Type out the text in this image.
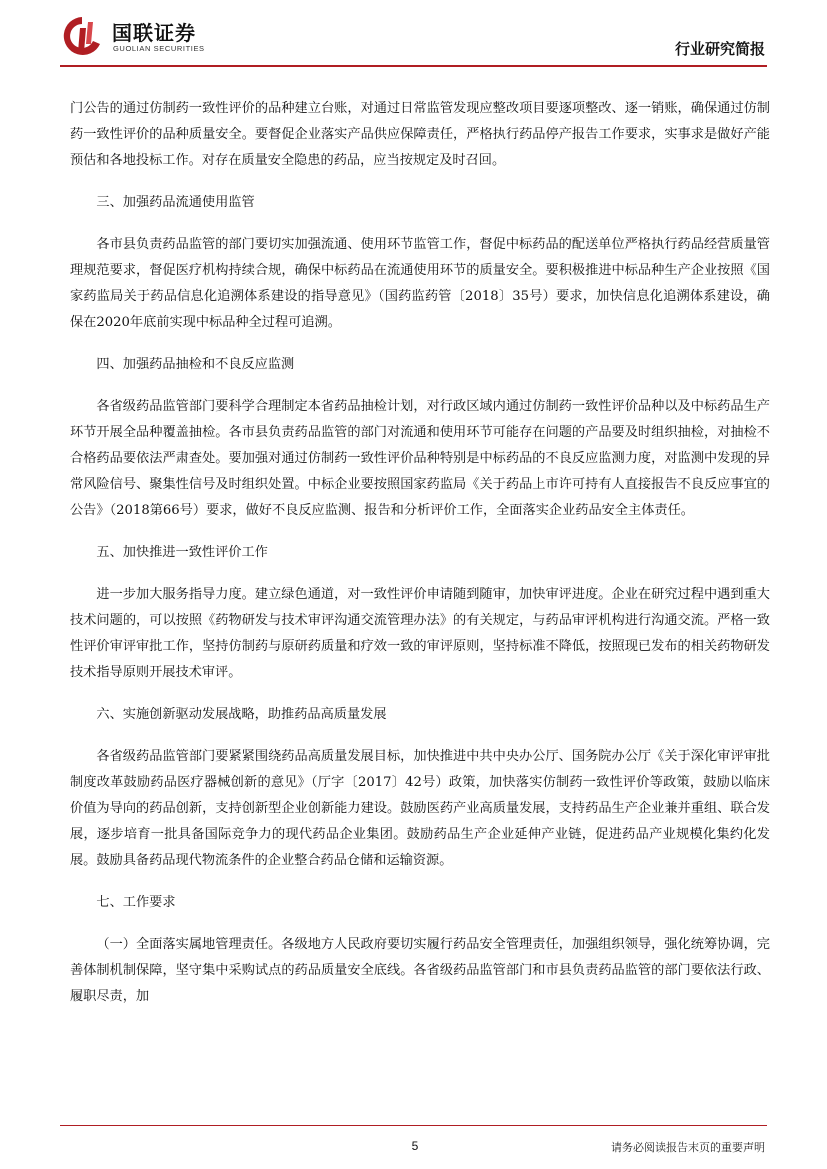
国联证券
GUOLIAN SECURITIES	行业研究简报

门公告的通过仿制药一致性评价的品种建立台账，对通过日常监管发现应整改项目要逐项整改、逐一销账，确保通过仿制药一致性评价的品种质量安全。要督促企业落实产品供应保障责任，严格执行药品停产报告工作要求，实事求是做好产能预估和各地投标工作。对存在质量安全隐患的药品，应当按规定及时召回。

三、加强药品流通使用监管

各市县负责药品监管的部门要切实加强流通、使用环节监管工作，督促中标药品的配送单位严格执行药品经营质量管理规范要求，督促医疗机构持续合规，确保中标药品在流通使用环节的质量安全。要积极推进中标品种生产企业按照《国家药监局关于药品信息化追溯体系建设的指导意见》（国药监药管〔2018〕35号）要求，加快信息化追溯体系建设，确保在2020年底前实现中标品种全过程可追溯。

四、加强药品抽检和不良反应监测

各省级药品监管部门要科学合理制定本省药品抽检计划，对行政区域内通过仿制药一致性评价品种以及中标药品生产环节开展全品种覆盖抽检。各市县负责药品监管的部门对流通和使用环节可能存在问题的产品要及时组织抽检，对抽检不合格药品要依法严肃查处。要加强对通过仿制药一致性评价品种特别是中标药品的不良反应监测力度，对监测中发现的异常风险信号、聚集性信号及时组织处置。中标企业要按照国家药监局《关于药品上市许可持有人直接报告不良反应事宜的公告》（2018第66号）要求，做好不良反应监测、报告和分析评价工作，全面落实企业药品安全主体责任。

五、加快推进一致性评价工作

进一步加大服务指导力度。建立绿色通道，对一致性评价申请随到随审，加快审评进度。企业在研究过程中遇到重大技术问题的，可以按照《药物研发与技术审评沟通交流管理办法》的有关规定，与药品审评机构进行沟通交流。严格一致性评价审评审批工作，坚持仿制药与原研药质量和疗效一致的审评原则，坚持标准不降低，按照现已发布的相关药物研发技术指导原则开展技术审评。

六、实施创新驱动发展战略，助推药品高质量发展

各省级药品监管部门要紧紧围绕药品高质量发展目标，加快推进中共中央办公厅、国务院办公厅《关于深化审评审批制度改革鼓励药品医疗器械创新的意见》（厅字〔2017〕42号）政策，加快落实仿制药一致性评价等政策，鼓励以临床价值为导向的药品创新，支持创新型企业创新能力建设。鼓励医药产业高质量发展，支持药品生产企业兼并重组、联合发展，逐步培育一批具备国际竞争力的现代药品企业集团。鼓励药品生产企业延伸产业链，促进药品产业规模化集约化发展。鼓励具备药品现代物流条件的企业整合药品仓储和运输资源。

七、工作要求

（一）全面落实属地管理责任。各级地方人民政府要切实履行药品安全管理责任，加强组织领导，强化统筹协调，完善体制机制保障，坚守集中采购试点的药品质量安全底线。各省级药品监管部门和市县负责药品监管的部门要依法行政、履职尽责，加

5	请务必阅读报告末页的重要声明
